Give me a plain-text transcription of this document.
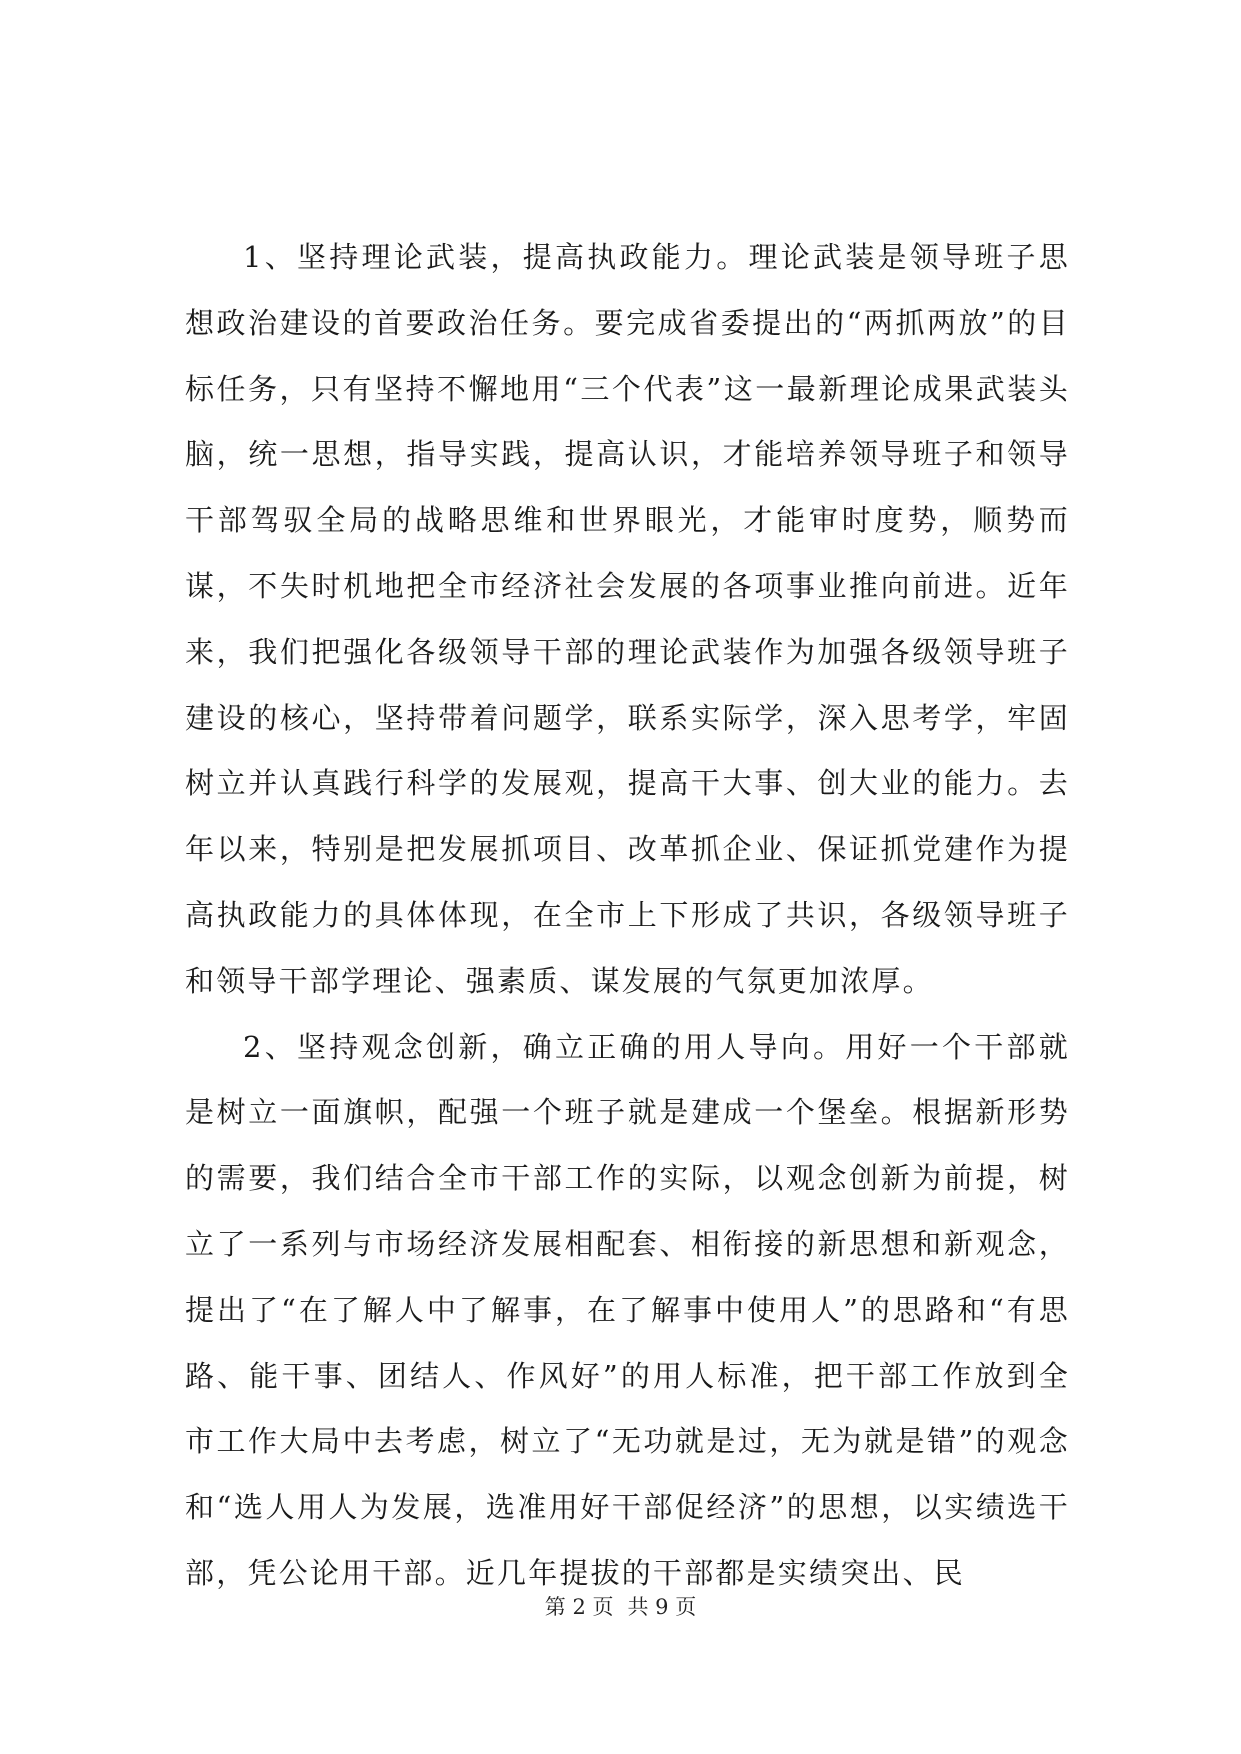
1、坚持理论武装，提高执政能力。理论武装是领导班子思想政治建设的首要政治任务。要完成省委提出的“两抓两放”的目标任务，只有坚持不懈地用“三个代表”这一最新理论成果武装头脑，统一思想，指导实践，提高认识，才能培养领导班子和领导干部驾驭全局的战略思维和世界眼光，才能审时度势，顺势而谋，不失时机地把全市经济社会发展的各项事业推向前进。近年来，我们把强化各级领导干部的理论武装作为加强各级领导班子建设的核心，坚持带着问题学，联系实际学，深入思考学，牢固树立并认真践行科学的发展观，提高干大事、创大业的能力。去年以来，特别是把发展抓项目、改革抓企业、保证抓党建作为提高执政能力的具体体现，在全市上下形成了共识，各级领导班子和领导干部学理论、强素质、谋发展的气氛更加浓厚。

2、坚持观念创新，确立正确的用人导向。用好一个干部就是树立一面旗帜，配强一个班子就是建成一个堡垒。根据新形势的需要，我们结合全市干部工作的实际，以观念创新为前提，树立了一系列与市场经济发展相配套、相衔接的新思想和新观念，提出了“在了解人中了解事，在了解事中使用人”的思路和“有思路、能干事、团结人、作风好”的用人标准，把干部工作放到全市工作大局中去考虑，树立了“无功就是过，无为就是错”的观念和“选人用人为发展，选准用好干部促经济”的思想，以实绩选干部，凭公论用干部。近几年提拔的干部都是实绩突出、民

第 2 页 共 9 页
